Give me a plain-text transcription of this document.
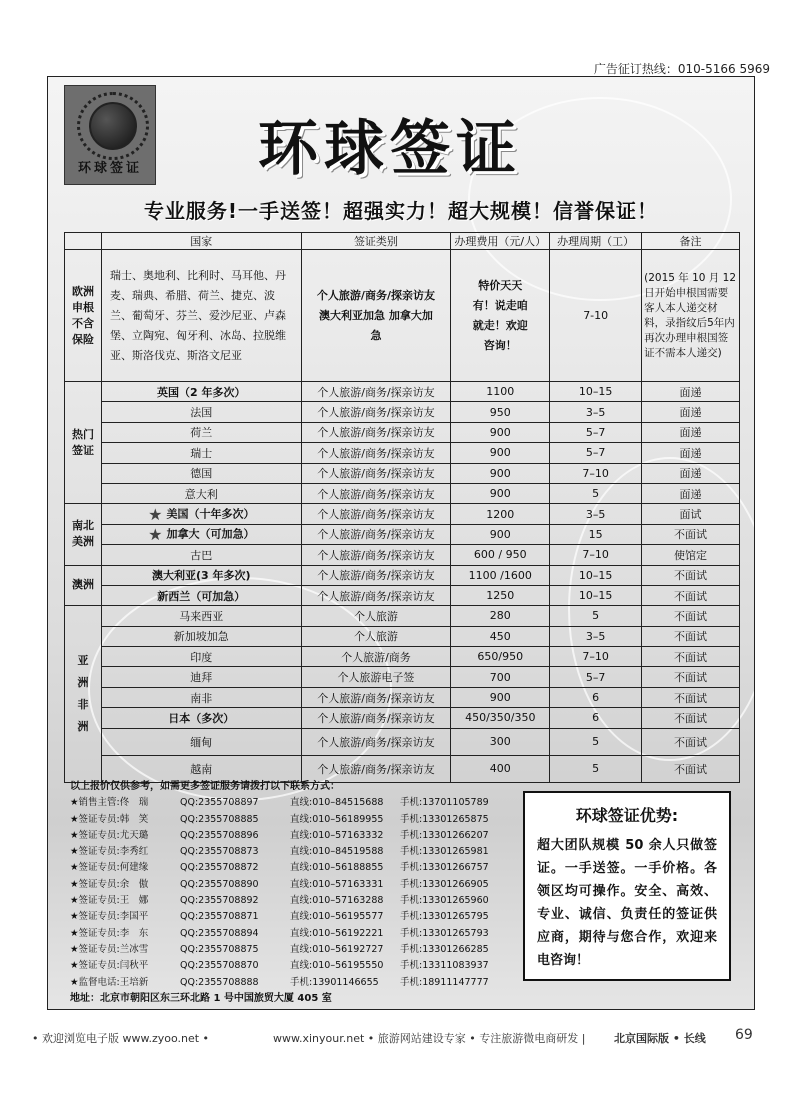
广告征订热线：010-5166 5969
环球签证 环球签证
专业服务!一手送签！超强实力！超大规模！信誉保证！
	国家	签证类别	办理费用（元/人）	办理周期（工）	备注
欧洲申根不含保险	瑞士、奥地利、比利时、马耳他、丹麦、瑞典、希腊、荷兰、捷克、波兰、葡萄牙、芬兰、爱沙尼亚、卢森堡、立陶宛、匈牙利、冰岛、拉脱维亚、斯洛伐克、斯洛文尼亚	个人旅游/商务/探亲访友 澳大利亚加急 加拿大加急	特价天天有！说走咱就走！欢迎咨询！	7-10	(2015 年 10 月 12 日开始申根国需要客人本人递交材料，录指纹后5年内再次办理申根国签证不需本人递交)
热门签证	英国（2 年多次）	个人旅游/商务/探亲访友	1100	10–15	面递
	法国	个人旅游/商务/探亲访友	950	3–5	面递
	荷兰	个人旅游/商务/探亲访友	900	5–7	面递
	瑞士	个人旅游/商务/探亲访友	900	5–7	面递
	德国	个人旅游/商务/探亲访友	900	7–10	面递
	意大利	个人旅游/商务/探亲访友	900	5	面递
南北美洲	★ 美国（十年多次）	个人旅游/商务/探亲访友	1200	3–5	面试
	★ 加拿大（可加急）	个人旅游/商务/探亲访友	900	15	不面试
	古巴	个人旅游/商务/探亲访友	600 / 950	7–10	使馆定
澳洲	澳大利亚(3 年多次)	个人旅游/商务/探亲访友	1100 /1600	10–15	不面试
	新西兰（可加急）	个人旅游/商务/探亲访友	1250	10–15	不面试
亚洲非洲	马来西亚	个人旅游	280	5	不面试
	新加坡加急	个人旅游	450	3–5	不面试
	印度	个人旅游/商务	650/950	7–10	不面试
	迪拜	个人旅游电子签	700	5–7	不面试
	南非	个人旅游/商务/探亲访友	900	6	不面试
	日本（多次）	个人旅游/商务/探亲访友	450/350/350	6	不面试
	缅甸	个人旅游/商务/探亲访友	300	5	不面试
	越南	个人旅游/商务/探亲访友	400	5	不面试
以上报价仅供参考，如需更多签证服务请拨打以下联系方式：
★销售主管:佟　瑞	QQ:2355708897	直线:010–84515688 手机:13701105789
★签证专员:韩　笑	QQ:2355708885	直线:010–56189955 手机:13301265875
★签证专员:尤天璐	QQ:2355708896	直线:010–57163332 手机:13301266207
★签证专员:李秀红	QQ:2355708873	直线:010–84519588 手机:13301265981
★签证专员:何建缘	QQ:2355708872	直线:010–56188855 手机:13301266757
★签证专员:余　傲	QQ:2355708890	直线:010–57163331 手机:13301266905
★签证专员:王　娜	QQ:2355708892	直线:010–57163288 手机:13301265960
★签证专员:李国平	QQ:2355708871	直线:010–56195577 手机:13301265795
★签证专员:李　东	QQ:2355708894	直线:010–56192221 手机:13301265793
★签证专员:兰冰雪	QQ:2355708875	直线:010–56192727 手机:13301266285
★签证专员:闫秋平	QQ:2355708870	直线:010–56195550 手机:13311083937
★监督电话:王培新	QQ:2355708888	手机:13901146655 手机:18911147777
地址：北京市朝阳区东三环北路 1 号中国旅贸大厦 405 室
环球签证优势:
超大团队规模 50 余人只做签证。一手送签。一手价格。各领区均可操作。安全、高效、专业、诚信、负责任的签证供应商，期待与您合作，欢迎来电咨询！
• 欢迎浏览电子版 www.zyoo.net •	www.xinyour.net • 旅游网站建设专家 • 专注旅游微电商研发 |	北京国际版 • 长线 69
